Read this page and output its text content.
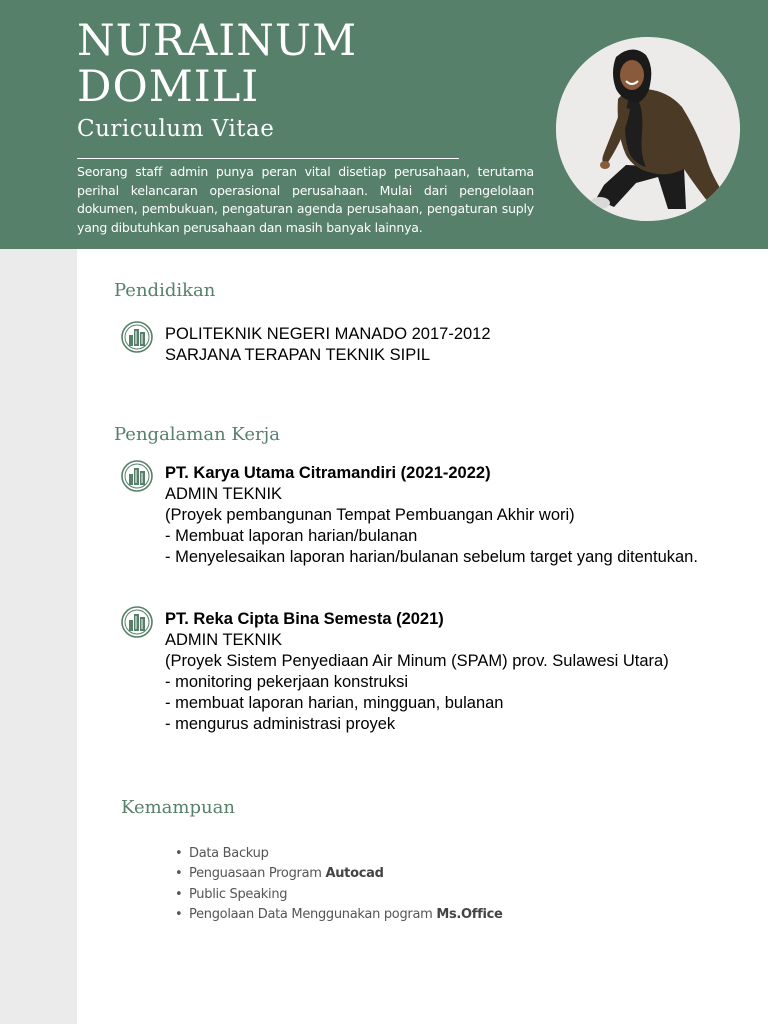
NURAINUM
DOMILI
Curiculum Vitae

Seorang staff admin punya peran vital disetiap perusahaan, terutama perihal kelancaran operasional perusahaan. Mulai dari pengelolaan dokumen, pembukuan, pengaturan agenda perusahaan, pengaturan suply yang dibutuhkan perusahaan dan masih banyak lainnya.

Pendidikan
POLITEKNIK NEGERI MANADO 2017-2012
SARJANA TERAPAN TEKNIK SIPIL
Pengalaman Kerja
PT. Karya Utama Citramandiri (2021-2022)
ADMIN TEKNIK
(Proyek pembangunan Tempat Pembuangan Akhir wori)
- Membuat laporan harian/bulanan
- Menyelesaikan laporan harian/bulanan sebelum target yang ditentukan.
PT. Reka Cipta Bina Semesta (2021)
ADMIN TEKNIK
(Proyek Sistem Penyediaan Air Minum (SPAM) prov. Sulawesi Utara)
- monitoring pekerjaan konstruksi
- membuat laporan harian, mingguan, bulanan
- mengurus administrasi proyek
Kemampuan
• Data Backup
• Penguasaan Program Autocad
• Public Speaking
• Pengolaan Data Menggunakan pogram Ms.Office
